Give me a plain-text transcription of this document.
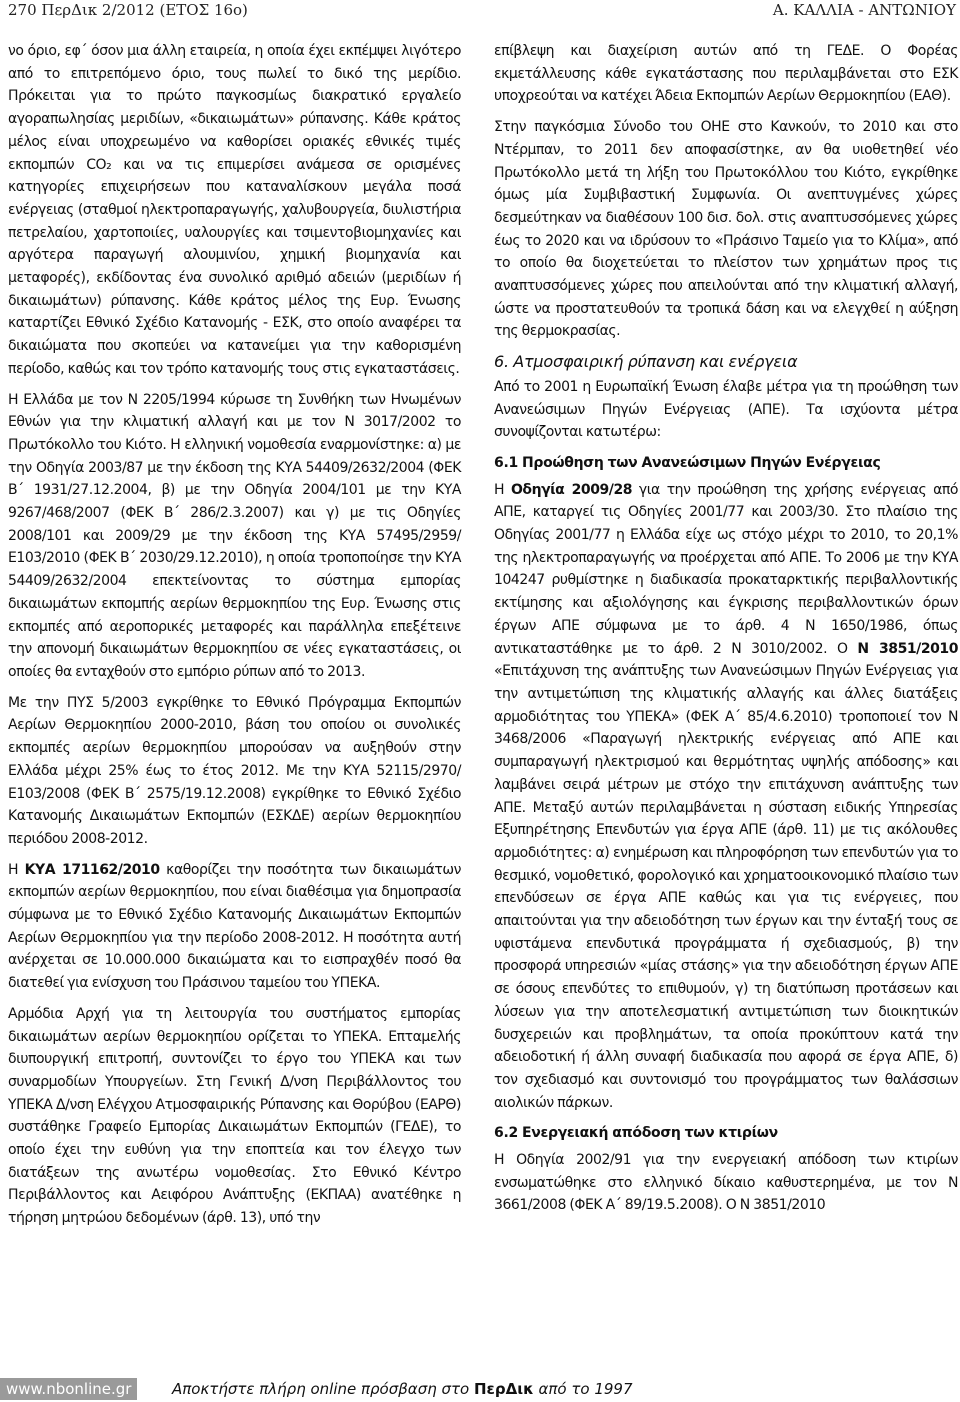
270 ΠερΔικ 2/2012 (ΕΤΟΣ 16ο)	Α. ΚΑΛΛΙΑ - ΑΝΤΩΝΙΟΥ

νο όριο, εφ΄ όσον μια άλλη εταιρεία, η οποία έχει εκπέμψει λιγότερο από το επιτρεπόμενο όριο, τους πωλεί το δικό της μερίδιο. Πρόκειται για το πρώτο παγκοσμίως διακρατικό εργαλείο αγοραπωλησίας μεριδίων, «δικαιωμάτων» ρύπανσης. Κάθε κράτος μέλος είναι υποχρεωμένο να καθορίσει οριακές εθνικές τιμές εκπομπών CO₂ και να τις επιμερίσει ανάμεσα σε ορισμένες κατηγορίες επιχειρήσεων που καταναλίσκουν μεγάλα ποσά ενέργειας (σταθμοί ηλεκτροπαραγωγής, χαλυβουργεία, διυλιστήρια πετρελαίου, χαρτοποιίες, υαλουργίες και τσιμεντοβιομηχανίες και αργότερα παραγωγή αλουμινίου, χημική βιομηχανία και μεταφορές), εκδίδοντας ένα συνολικό αριθμό αδειών (μεριδίων ή δικαιωμάτων) ρύπανσης. Κάθε κράτος μέλος της Ευρ. Ένωσης καταρτίζει Εθνικό Σχέδιο Κατανομής - ΕΣΚ, στο οποίο αναφέρει τα δικαιώματα που σκοπεύει να κατανείμει για την καθορισμένη περίοδο, καθώς και τον τρόπο κατανομής τους στις εγκαταστάσεις.

Η Ελλάδα με τον Ν 2205/1994 κύρωσε τη Συνθήκη των Ηνωμένων Εθνών για την κλιματική αλλαγή και με τον Ν 3017/2002 το Πρωτόκολλο του Κιότο. Η ελληνική νομοθεσία εναρμονίστηκε: α) με την Οδηγία 2003/87 με την έκδοση της ΚΥΑ 54409/2632/2004 (ΦΕΚ Β΄ 1931/27.12.2004, β) με την Οδηγία 2004/101 με την ΚΥΑ 9267/468/2007 (ΦΕΚ Β΄ 286/2.3.2007) και γ) με τις Οδηγίες 2008/101 και 2009/29 με την έκδοση της ΚΥΑ 57495/2959/Ε103/2010 (ΦΕΚ Β΄ 2030/29.12.2010), η οποία τροποποίησε την ΚΥΑ 54409/2632/2004 επεκτείνοντας το σύστημα εμπορίας δικαιωμάτων εκπομπής αερίων θερμοκηπίου της Ευρ. Ένωσης στις εκπομπές από αεροπορικές μεταφορές και παράλληλα επεξέτεινε την απονομή δικαιωμάτων θερμοκηπίου σε νέες εγκαταστάσεις, οι οποίες θα ενταχθούν στο εμπόριο ρύπων από το 2013.

Με την ΠΥΣ 5/2003 εγκρίθηκε το Εθνικό Πρόγραμμα Εκπομπών Αερίων Θερμοκηπίου 2000-2010, βάση του οποίου οι συνολικές εκπομπές αερίων θερμοκηπίου μπορούσαν να αυξηθούν στην Ελλάδα μέχρι 25% έως το έτος 2012. Με την ΚΥΑ 52115/2970/Ε103/2008 (ΦΕΚ Β΄ 2575/19.12.2008) εγκρίθηκε το Εθνικό Σχέδιο Κατανομής Δικαιωμάτων Εκπομπών (ΕΣΚΔΕ) αερίων θερμοκηπίου περιόδου 2008-2012.

Η ΚΥΑ 171162/2010 καθορίζει την ποσότητα των δικαιωμάτων εκπομπών αερίων θερμοκηπίου, που είναι διαθέσιμα για δημοπρασία σύμφωνα με το Εθνικό Σχέδιο Κατανομής Δικαιωμάτων Εκπομπών Αερίων Θερμοκηπίου για την περίοδο 2008-2012. Η ποσότητα αυτή ανέρχεται σε 10.000.000 δικαιώματα και το εισπραχθέν ποσό θα διατεθεί για ενίσχυση του Πράσινου ταμείου του ΥΠΕΚΑ.

Αρμόδια Αρχή για τη λειτουργία του συστήματος εμπορίας δικαιωμάτων αερίων θερμοκηπίου ορίζεται το ΥΠΕΚΑ. Επταμελής διυπουργική επιτροπή, συντονίζει το έργο του ΥΠΕΚΑ και των συναρμοδίων Υπουργείων. Στη Γενική Δ/νση Περιβάλλοντος του ΥΠΕΚΑ Δ/νση Ελέγχου Ατμοσφαιρικής Ρύπανσης και Θορύβου (ΕΑΡΘ) συστάθηκε Γραφείο Εμπορίας Δικαιωμάτων Εκπομπών (ΓΕΔΕ), το οποίο έχει την ευθύνη για την εποπτεία και τον έλεγχο των διατάξεων της ανωτέρω νομοθεσίας. Στο Εθνικό Κέντρο Περιβάλλοντος και Αειφόρου Ανάπτυξης (ΕΚΠΑΑ) ανατέθηκε η τήρηση μητρώου δεδομένων (άρθ. 13), υπό την

επίβλεψη και διαχείριση αυτών από τη ΓΕΔΕ. Ο Φορέας εκμετάλλευσης κάθε εγκατάστασης που περιλαμβάνεται στο ΕΣΚ υποχρεούται να κατέχει Άδεια Εκπομπών Αερίων Θερμοκηπίου (ΕΑΘ).

Στην παγκόσμια Σύνοδο του ΟΗΕ στο Κανκούν, το 2010 και στο Ντέρμπαν, το 2011 δεν αποφασίστηκε, αν θα υιοθετηθεί νέο Πρωτόκολλο μετά τη λήξη του Πρωτοκόλλου του Κιότο, εγκρίθηκε όμως μία Συμβιβαστική Συμφωνία. Οι ανεπτυγμένες χώρες δεσμεύτηκαν να διαθέσουν 100 δισ. δολ. στις αναπτυσσόμενες χώρες έως το 2020 και να ιδρύσουν το «Πράσινο Ταμείο για το Κλίμα», από το οποίο θα διοχετεύεται το πλείστον των χρημάτων προς τις αναπτυσσόμενες χώρες που απειλούνται από την κλιματική αλλαγή, ώστε να προστατευθούν τα τροπικά δάση και να ελεγχθεί η αύξηση της θερμοκρασίας.

6. Ατμοσφαιρική ρύπανση και ενέργεια

Από το 2001 η Ευρωπαϊκή Ένωση έλαβε μέτρα για τη προώθηση των Ανανεώσιμων Πηγών Ενέργειας (ΑΠΕ). Τα ισχύοντα μέτρα συνοψίζονται κατωτέρω:

6.1 Προώθηση των Ανανεώσιμων Πηγών Ενέργειας

Η Οδηγία 2009/28 για την προώθηση της χρήσης ενέργειας από ΑΠΕ, καταργεί τις Οδηγίες 2001/77 και 2003/30. Στο πλαίσιο της Οδηγίας 2001/77 η Ελλάδα είχε ως στόχο μέχρι το 2010, το 20,1% της ηλεκτροπαραγωγής να προέρχεται από ΑΠΕ. Το 2006 με την ΚΥΑ 104247 ρυθμίστηκε η διαδικασία προκαταρκτικής περιβαλλοντικής εκτίμησης και αξιολόγησης και έγκρισης περιβαλλοντικών όρων έργων ΑΠΕ σύμφωνα με το άρθ. 4 Ν 1650/1986, όπως αντικαταστάθηκε με το άρθ. 2 Ν 3010/2002. Ο Ν 3851/2010 «Επιτάχυνση της ανάπτυξης των Ανανεώσιμων Πηγών Ενέργειας για την αντιμετώπιση της κλιματικής αλλαγής και άλλες διατάξεις αρμοδιότητας του ΥΠΕΚΑ» (ΦΕΚ Α΄ 85/4.6.2010) τροποποιεί τον Ν 3468/2006 «Παραγωγή ηλεκτρικής ενέργειας από ΑΠΕ και συμπαραγωγή ηλεκτρισμού και θερμότητας υψηλής απόδοσης» και λαμβάνει σειρά μέτρων με στόχο την επιτάχυνση ανάπτυξης των ΑΠΕ. Μεταξύ αυτών περιλαμβάνεται η σύσταση ειδικής Υπηρεσίας Εξυπηρέτησης Επενδυτών για έργα ΑΠΕ (άρθ. 11) με τις ακόλουθες αρμοδιότητες: α) ενημέρωση και πληροφόρηση των επενδυτών για το θεσμικό, νομοθετικό, φορολογικό και χρηματοοικονομικό πλαίσιο των επενδύσεων σε έργα ΑΠΕ καθώς και για τις ενέργειες, που απαιτούνται για την αδειοδότηση των έργων και την ένταξή τους σε υφιστάμενα επενδυτικά προγράμματα ή σχεδιασμούς, β) την προσφορά υπηρεσιών «μίας στάσης» για την αδειοδότηση έργων ΑΠΕ σε όσους επενδύτες το επιθυμούν, γ) τη διατύπωση προτάσεων και λύσεων για την αποτελεσματική αντιμετώπιση των διοικητικών δυσχερειών και προβλημάτων, τα οποία προκύπτουν κατά την αδειοδοτική ή άλλη συναφή διαδικασία που αφορά σε έργα ΑΠΕ, δ) τον σχεδιασμό και συντονισμό του προγράμματος των θαλάσσιων αιολικών πάρκων.

6.2 Ενεργειακή απόδοση των κτιρίων

Η Οδηγία 2002/91 για την ενεργειακή απόδοση των κτιρίων ενσωματώθηκε στο ελληνικό δίκαιο καθυστερημένα, με τον Ν 3661/2008 (ΦΕΚ Α΄ 89/19.5.2008). Ο Ν 3851/2010

www.nbonline.gr	Αποκτήστε πλήρη online πρόσβαση στο ΠερΔικ από το 1997
